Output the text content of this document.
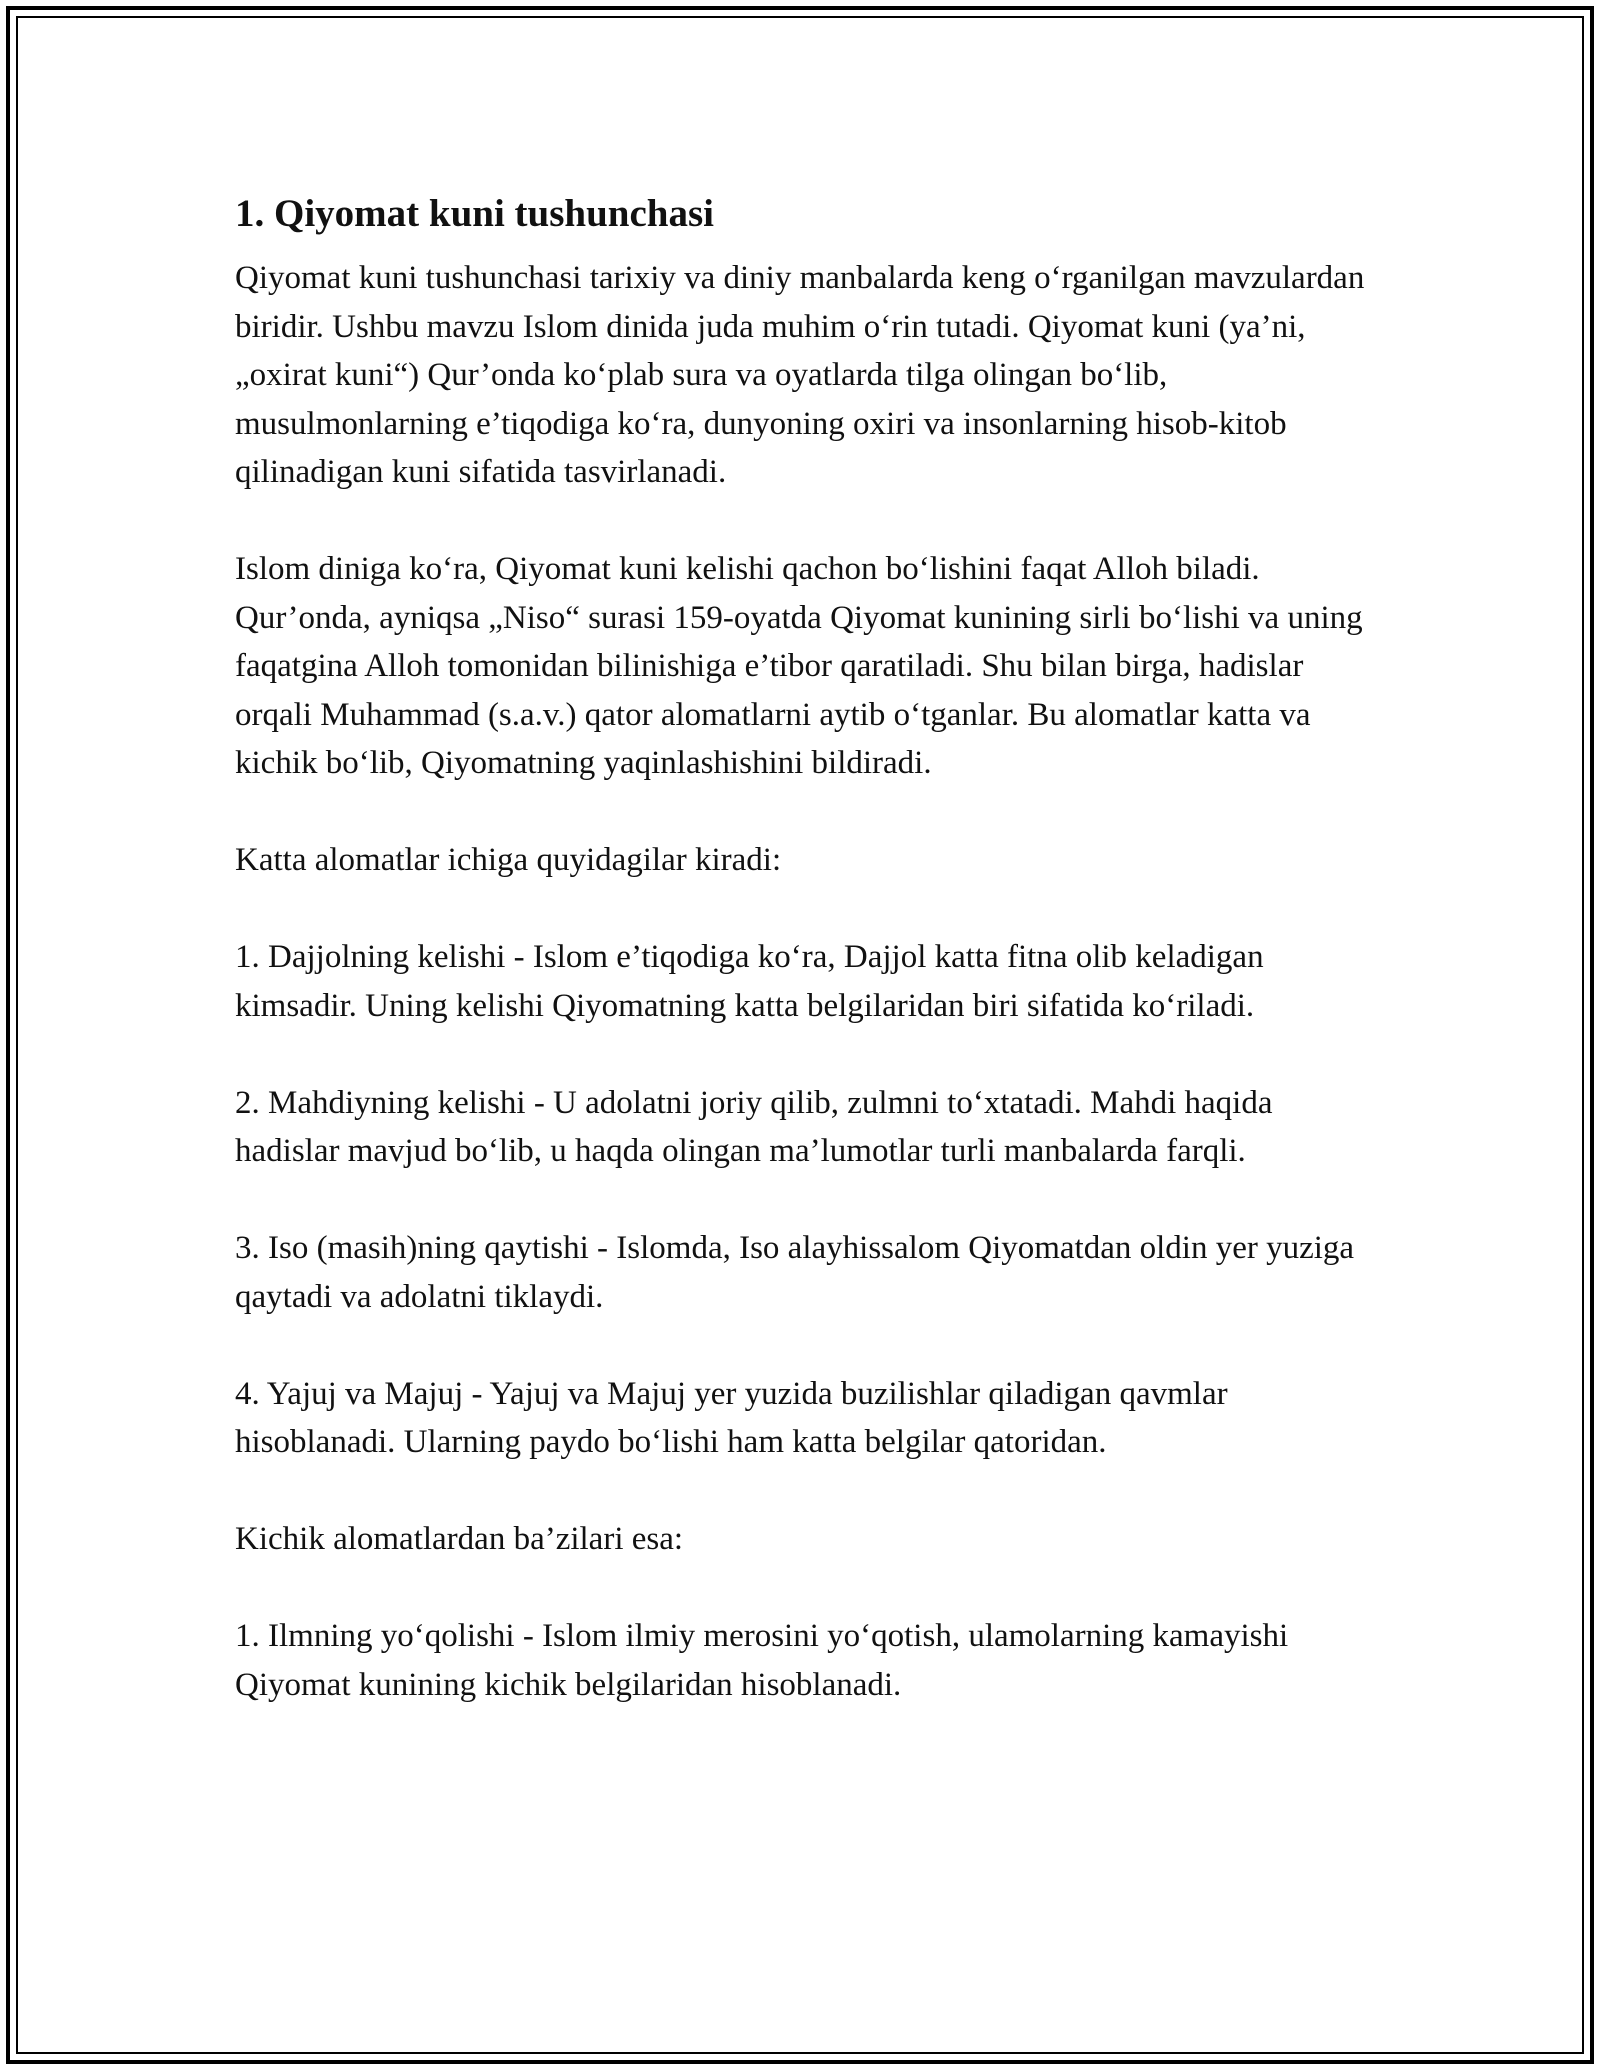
1. Qiyomat kuni tushunchasi

Qiyomat kuni tushunchasi tarixiy va diniy manbalarda keng o‘rganilgan mavzulardan biridir. Ushbu mavzu Islom dinida juda muhim o‘rin tutadi. Qiyomat kuni (ya’ni, „oxirat kuni“) Qur’onda ko‘plab sura va oyatlarda tilga olingan bo‘lib, musulmonlarning e’tiqodiga ko‘ra, dunyoning oxiri va insonlarning hisob-kitob qilinadigan kuni sifatida tasvirlanadi.

Islom diniga ko‘ra, Qiyomat kuni kelishi qachon bo‘lishini faqat Alloh biladi. Qur’onda, ayniqsa „Niso“ surasi 159-oyatda Qiyomat kunining sirli bo‘lishi va uning faqatgina Alloh tomonidan bilinishiga e’tibor qaratiladi. Shu bilan birga, hadislar orqali Muhammad (s.a.v.) qator alomatlarni aytib o‘tganlar. Bu alomatlar katta va kichik bo‘lib, Qiyomatning yaqinlashishini bildiradi.

Katta alomatlar ichiga quyidagilar kiradi:

1. Dajjolning kelishi - Islom e’tiqodiga ko‘ra, Dajjol katta fitna olib keladigan kimsadir. Uning kelishi Qiyomatning katta belgilaridan biri sifatida ko‘riladi.

2. Mahdiyning kelishi - U adolatni joriy qilib, zulmni to‘xtatadi. Mahdi haqida hadislar mavjud bo‘lib, u haqda olingan ma’lumotlar turli manbalarda farqli.

3. Iso (masih)ning qaytishi - Islomda, Iso alayhissalom Qiyomatdan oldin yer yuziga qaytadi va adolatni tiklaydi.

4. Yajuj va Majuj - Yajuj va Majuj yer yuzida buzilishlar qiladigan qavmlar hisoblanadi. Ularning paydo bo‘lishi ham katta belgilar qatoridan.

Kichik alomatlardan ba’zilari esa:

1. Ilmning yo‘qolishi - Islom ilmiy merosini yo‘qotish, ulamolarning kamayishi Qiyomat kunining kichik belgilaridan hisoblanadi.
